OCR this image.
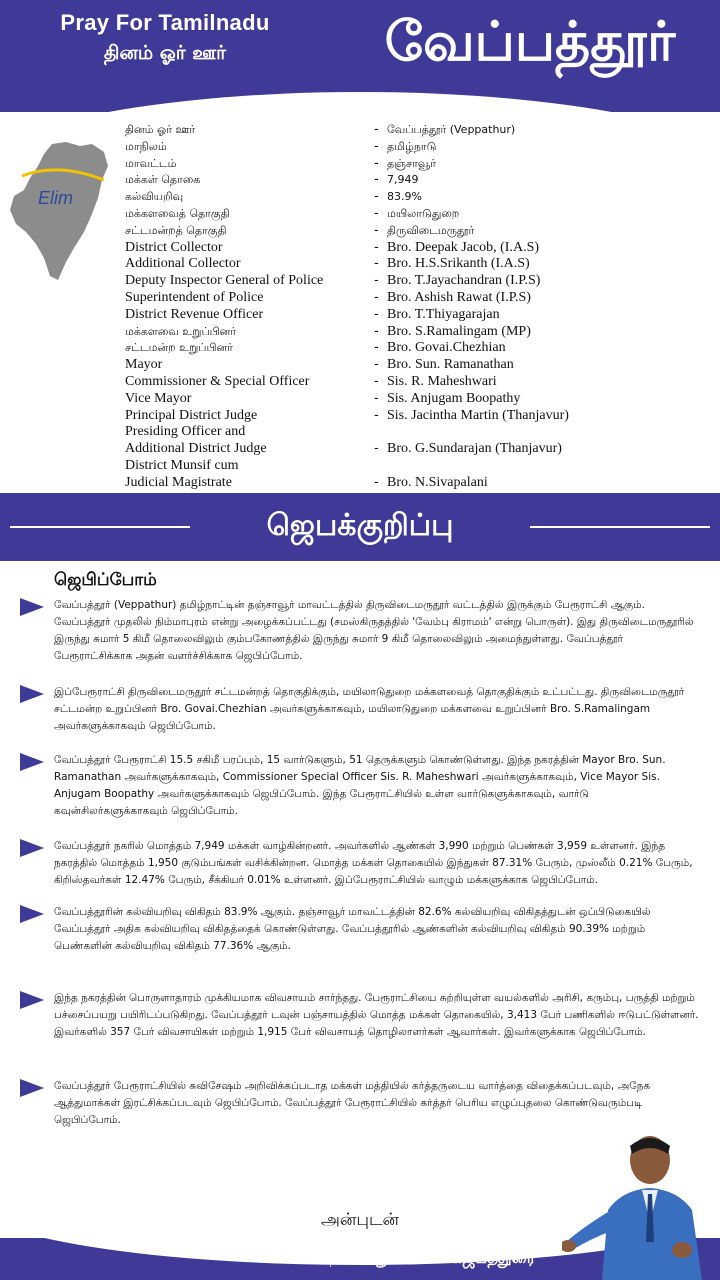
Pray For Tamilnadu
தினம் ஓர் ஊர்	வேப்பத்தூர்
Elim
தினம் ஓர் ஊர்	- வேப்பத்தூர் (Veppathur)
மாநிலம்	- தமிழ்நாடு
மாவட்டம்	- தஞ்சாவூர்
மக்கள் தொகை	- 7,949
கல்வியறிவு	- 83.9%
மக்களவைத் தொகுதி	- மயிலாடுதுறை
சட்டமன்றத் தொகுதி	- திருவிடைமருதூர்
District Collector	- Bro. Deepak Jacob, (I.A.S)
Additional Collector	- Bro. H.S.Srikanth (I.A.S)
Deputy Inspector General of Police	- Bro. T.Jayachandran (I.P.S)
Superintendent of Police	- Bro. Ashish Rawat (I.P.S)
District Revenue Officer	- Bro. T.Thiyagarajan
மக்களவை உறுப்பினர்	- Bro. S.Ramalingam (MP)
சட்டமன்ற உறுப்பினர்	- Bro. Govai.Chezhian
Mayor	- Bro. Sun. Ramanathan
Commissioner & Special Officer	- Sis. R. Maheshwari
Vice Mayor	- Sis. Anjugam Boopathy
Principal District Judge	- Sis. Jacintha Martin (Thanjavur)
Presiding Officer and
Additional District Judge	- Bro. G.Sundarajan (Thanjavur)
District Munsif cum
Judicial Magistrate	- Bro. N.Sivapalani
ஜெபக்குறிப்பு
ஜெபிப்போம்
வேப்பத்தூர் (Veppathur) தமிழ்நாட்டின் தஞ்சாவூர் மாவட்டத்தில் திருவிடைமருதூர் வட்டத்தில் இருக்கும் பேரூராட்சி ஆகும். வேப்பத்தூர் முதலில் நிம்மாபுரம் என்று அழைக்கப்பட்டது (சமஸ்கிருதத்தில் 'வேம்பு கிராமம்' என்று பொருள்). இது திருவிடைமருதூரில் இருந்து சுமார் 5 கிமீ தொலைவிலும் கும்பகோணத்தில் இருந்து சுமார் 9 கிமீ தொலைவிலும் அமைந்துள்ளது. வேப்பத்தூர் பேரூராட்சிக்காக அதன் வளர்ச்சிக்காக ஜெபிப்போம்.
இப்பேரூராட்சி திருவிடைமருதூர் சட்டமன்றத் தொகுதிக்கும், மயிலாடுதுறை மக்களவைத் தொகுதிக்கும் உட்பட்டது. திருவிடைமருதூர் சட்டமன்ற உறுப்பினர் Bro. Govai.Chezhian அவர்களுக்காகவும், மயிலாடுதுறை மக்களவை உறுப்பினர் Bro. S.Ramalingam அவர்களுக்காகவும் ஜெபிப்போம்.
வேப்பத்தூர் பேரூராட்சி 15.5 சகிமீ பரப்பும், 15 வார்டுகளும், 51 தெருக்களும் கொண்டுள்ளது. இந்த நகரத்தின் Mayor Bro. Sun. Ramanathan அவர்களுக்காகவும், Commissioner Special Officer Sis. R. Maheshwari அவர்களுக்காகவும், Vice Mayor Sis. Anjugam Boopathy அவர்களுக்காகவும் ஜெபிப்போம். இந்த பேரூராட்சியில் உள்ள வார்டுகளுக்காகவும், வார்டு கவுன்சிலர்களுக்காகவும் ஜெபிப்போம்.
வேப்பத்தூர் நகரில் மொத்தம் 7,949 மக்கள் வாழ்கின்றனர். அவர்களில் ஆண்கள் 3,990 மற்றும் பெண்கள் 3,959 உள்ளனர். இந்த நகரத்தில் மொத்தம் 1,950 குடும்பங்கள் வசிக்கின்றன. மொத்த மக்கள் தொகையில் இந்துகள் 87.31% பேரும், முஸ்லீம் 0.21% பேரும், கிறிஸ்தவர்கள் 12.47% பேரும், சீக்கியர் 0.01% உள்ளனர். இப்பேரூராட்சியில் வாழும் மக்களுக்காக ஜெபிப்போம்.
வேப்பத்தூரின் கல்வியறிவு விகிதம் 83.9% ஆகும். தஞ்சாவூர் மாவட்டத்தின் 82.6% கல்வியறிவு விகிதத்துடன் ஒப்பிடுகையில் வேப்பத்தூர் அதிக கல்வியறிவு விகிதத்தைக் கொண்டுள்ளது. வேப்பத்தூரில் ஆண்களின் கல்வியறிவு விகிதம் 90.39% மற்றும் பெண்களின் கல்வியறிவு விகிதம் 77.36% ஆகும்.
இந்த நகரத்தின் பொருளாதாரம் முக்கியமாக விவசாயம் சார்ந்தது. பேரூராட்சியை சுற்றியுள்ள வயல்களில் அரிசி, கரும்பு, பருத்தி மற்றும் பச்சைப்பயறு பயிரிடப்படுகிறது. வேப்பத்தூர் டவுன் பஞ்சாயத்தில் மொத்த மக்கள் தொகையில், 3,413 பேர் பணிகளில் ஈடுபட்டுள்ளனர். இவர்களில் 357 பேர் விவசாயிகள் மற்றும் 1,915 பேர் விவசாயத் தொழிலாளர்கள் ஆவார்கள். இவர்களுக்காக ஜெபிப்போம்.
வேப்பத்தூர் பேரூராட்சியில் சுவிசேஷம் அறிவிக்கப்படாத மக்கள் மத்தியில் கர்த்தருடைய வார்த்தை விதைக்கப்படவும், அநேக ஆத்துமாக்கள் இரட்சிக்கப்படவும் ஜெபிப்போம். வேப்பத்தூர் பேரூராட்சியில் கர்த்தர் பெரிய எழுப்புதலை கொண்டுவரும்படி ஜெபிப்போம்.
அன்புடன்
போதகர். ஆல்பார்ன் ஜெபத்துரை
